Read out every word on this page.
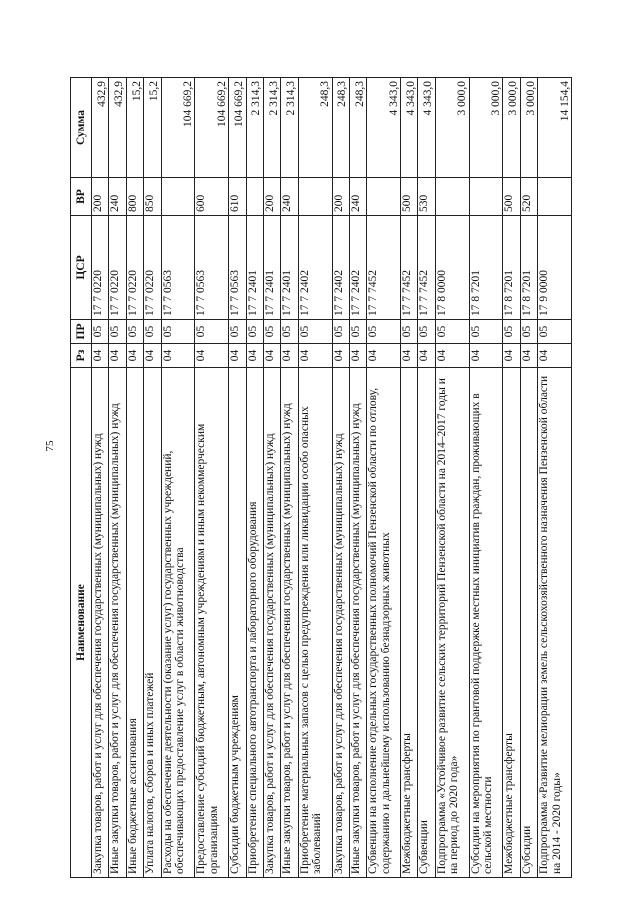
75
Наименование	Рз	ПР	ЦСР	ВР	Сумма
Закупка товаров, работ и услуг для обеспечения государственных (муниципальных) нужд	04	05	17 7 0220	200	432,9
Иные закупки товаров, работ и услуг для обеспечения государственных (муниципальных) нужд	04	05	17 7 0220	240	432,9
Иные бюджетные ассигнования	04	05	17 7 0220	800	15,2
Уплата налогов, сборов и иных платежей	04	05	17 7 0220	850	15,2
Расходы на обеспечение деятельности (оказание услуг) государственных учреждений, обеспечивающих предоставление услуг в области животноводства	04	05	17 7 0563		104 669,2
Предоставление субсидий бюджетным, автономным учреждениям и иным некоммерческим организациям	04	05	17 7 0563	600	104 669,2
Субсидии бюджетным учреждениям	04	05	17 7 0563	610	104 669,2
Приобретение специального автотранспорта и лабораторного оборудования	04	05	17 7 2401		2 314,3
Закупка товаров, работ и услуг для обеспечения государственных (муниципальных) нужд	04	05	17 7 2401	200	2 314,3
Иные закупки товаров, работ и услуг для обеспечения государственных (муниципальных) нужд	04	05	17 7 2401	240	2 314,3
Приобретение материальных запасов с целью предупреждения или ликвидации особо опасных заболеваний	04	05	17 7 2402		248,3
Закупка товаров, работ и услуг для обеспечения государственных (муниципальных) нужд	04	05	17 7 2402	200	248,3
Иные закупки товаров, работ и услуг для обеспечения государственных (муниципальных) нужд	04	05	17 7 2402	240	248,3
Субвенции на исполнение отдельных государственных полномочий Пензенской области по отлову, содержанию и дальнейшему использованию безнадзорных животных	04	05	17 7 7452		4 343,0
Межбюджетные трансферты	04	05	17 7 7452	500	4 343,0
Субвенции	04	05	17 7 7452	530	4 343,0
Подпрограмма «Устойчивое развитие сельских территорий Пензенской области на 2014–2017 годы и на период до 2020 года»	04	05	17 8 0000		3 000,0
Субсидии на мероприятия по грантовой поддержке местных инициатив граждан, проживающих в сельской местности	04	05	17 8 7201		3 000,0
Межбюджетные трансферты	04	05	17 8 7201	500	3 000,0
Субсидии	04	05	17 8 7201	520	3 000,0
Подпрограмма «Развитие мелиорации земель сельскохозяйственного назначения Пензенской области на 2014 - 2020 годы»	04	05	17 9 0000		14 154,4
